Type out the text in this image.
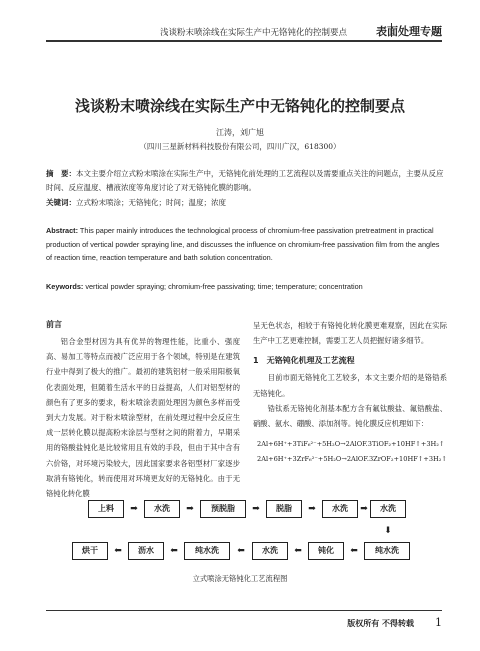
浅谈粉末喷涂线在实际生产中无铬钝化的控制要点	表面处理专题
浅谈粉末喷涂线在实际生产中无铬钝化的控制要点
江涛，刘广旭
（四川三星新材料科技股份有限公司，四川广汉，618300）
摘　要：本文主要介绍立式粉末喷涂在实际生产中，无铬钝化前处理的工艺流程以及需要重点关注的问题点，主要从反应时间、反应温度、槽液浓度等角度讨论了对无铬钝化膜的影响。
关键词：立式粉末喷涂；无铬钝化；时间；温度；浓度
Abstract: This paper mainly introduces the technological process of chromium-free passivation pretreatment in practical production of vertical powder spraying line, and discusses the influence on chromium-free passivation film from the angles of reaction time, reaction temperature and bath solution concentration.
Keywords: vertical powder spraying; chromium-free passivating; time; temperature; concentration
前言

铝合金型材因为具有优异的物理性能，比重小、强度高、易加工等特点而被广泛应用于各个领域，特别是在建筑行业中得到了极大的推广。最初的建筑铝材一般采用阳极氧化表面处理，但随着生活水平的日益提高，人们对铝型材的颜色有了更多的要求，粉末喷涂表面处理因为颜色多样而受到大力发展。对于粉末喷涂型材，在前处理过程中会反应生成一层转化膜以提高粉末涂层与型材之间的附着力，早期采用的铬酸盐钝化是比较常用且有效的手段，但由于其中含有六价铬，对环境污染较大，因此国家要求各铝型材厂家逐步取消有铬钝化，转而使用对环境更友好的无铬钝化。由于无铬钝化转化膜

呈无色状态，相较于有铬钝化转化膜更难观察，因此在实际生产中工艺更难控制，需要工艺人员把握好诸多细节。

1　无铬钝化机理及工艺流程

目前市面无铬钝化工艺较多，本文主要介绍的是铬锆系无铬钝化。

锆钛系无铬钝化剂基本配方含有氟钛酸盐、氟锆酸盐、硝酸、氨水、硼酸、添加剂等。钝化膜反应机理如下：

2Al+6H⁺+3TiF₆²⁻+5H₂O→2AlOF.3TiOF₂+10HF↑+3H₂↑
2Al+6H⁺+3ZrF₆²⁻+5H₂O→2AlOF.3ZrOF₂+10HF↑+3H₂↑
上料	➡	水洗	➡	预脱脂	➡	脱脂	➡	水洗	➡	水洗
⬇
烘干	⬅	沥水	⬅	纯水洗	⬅	水洗	⬅	钝化	⬅	纯水洗
立式喷涂无铬钝化工艺流程图
版权所有 不得转载 1
